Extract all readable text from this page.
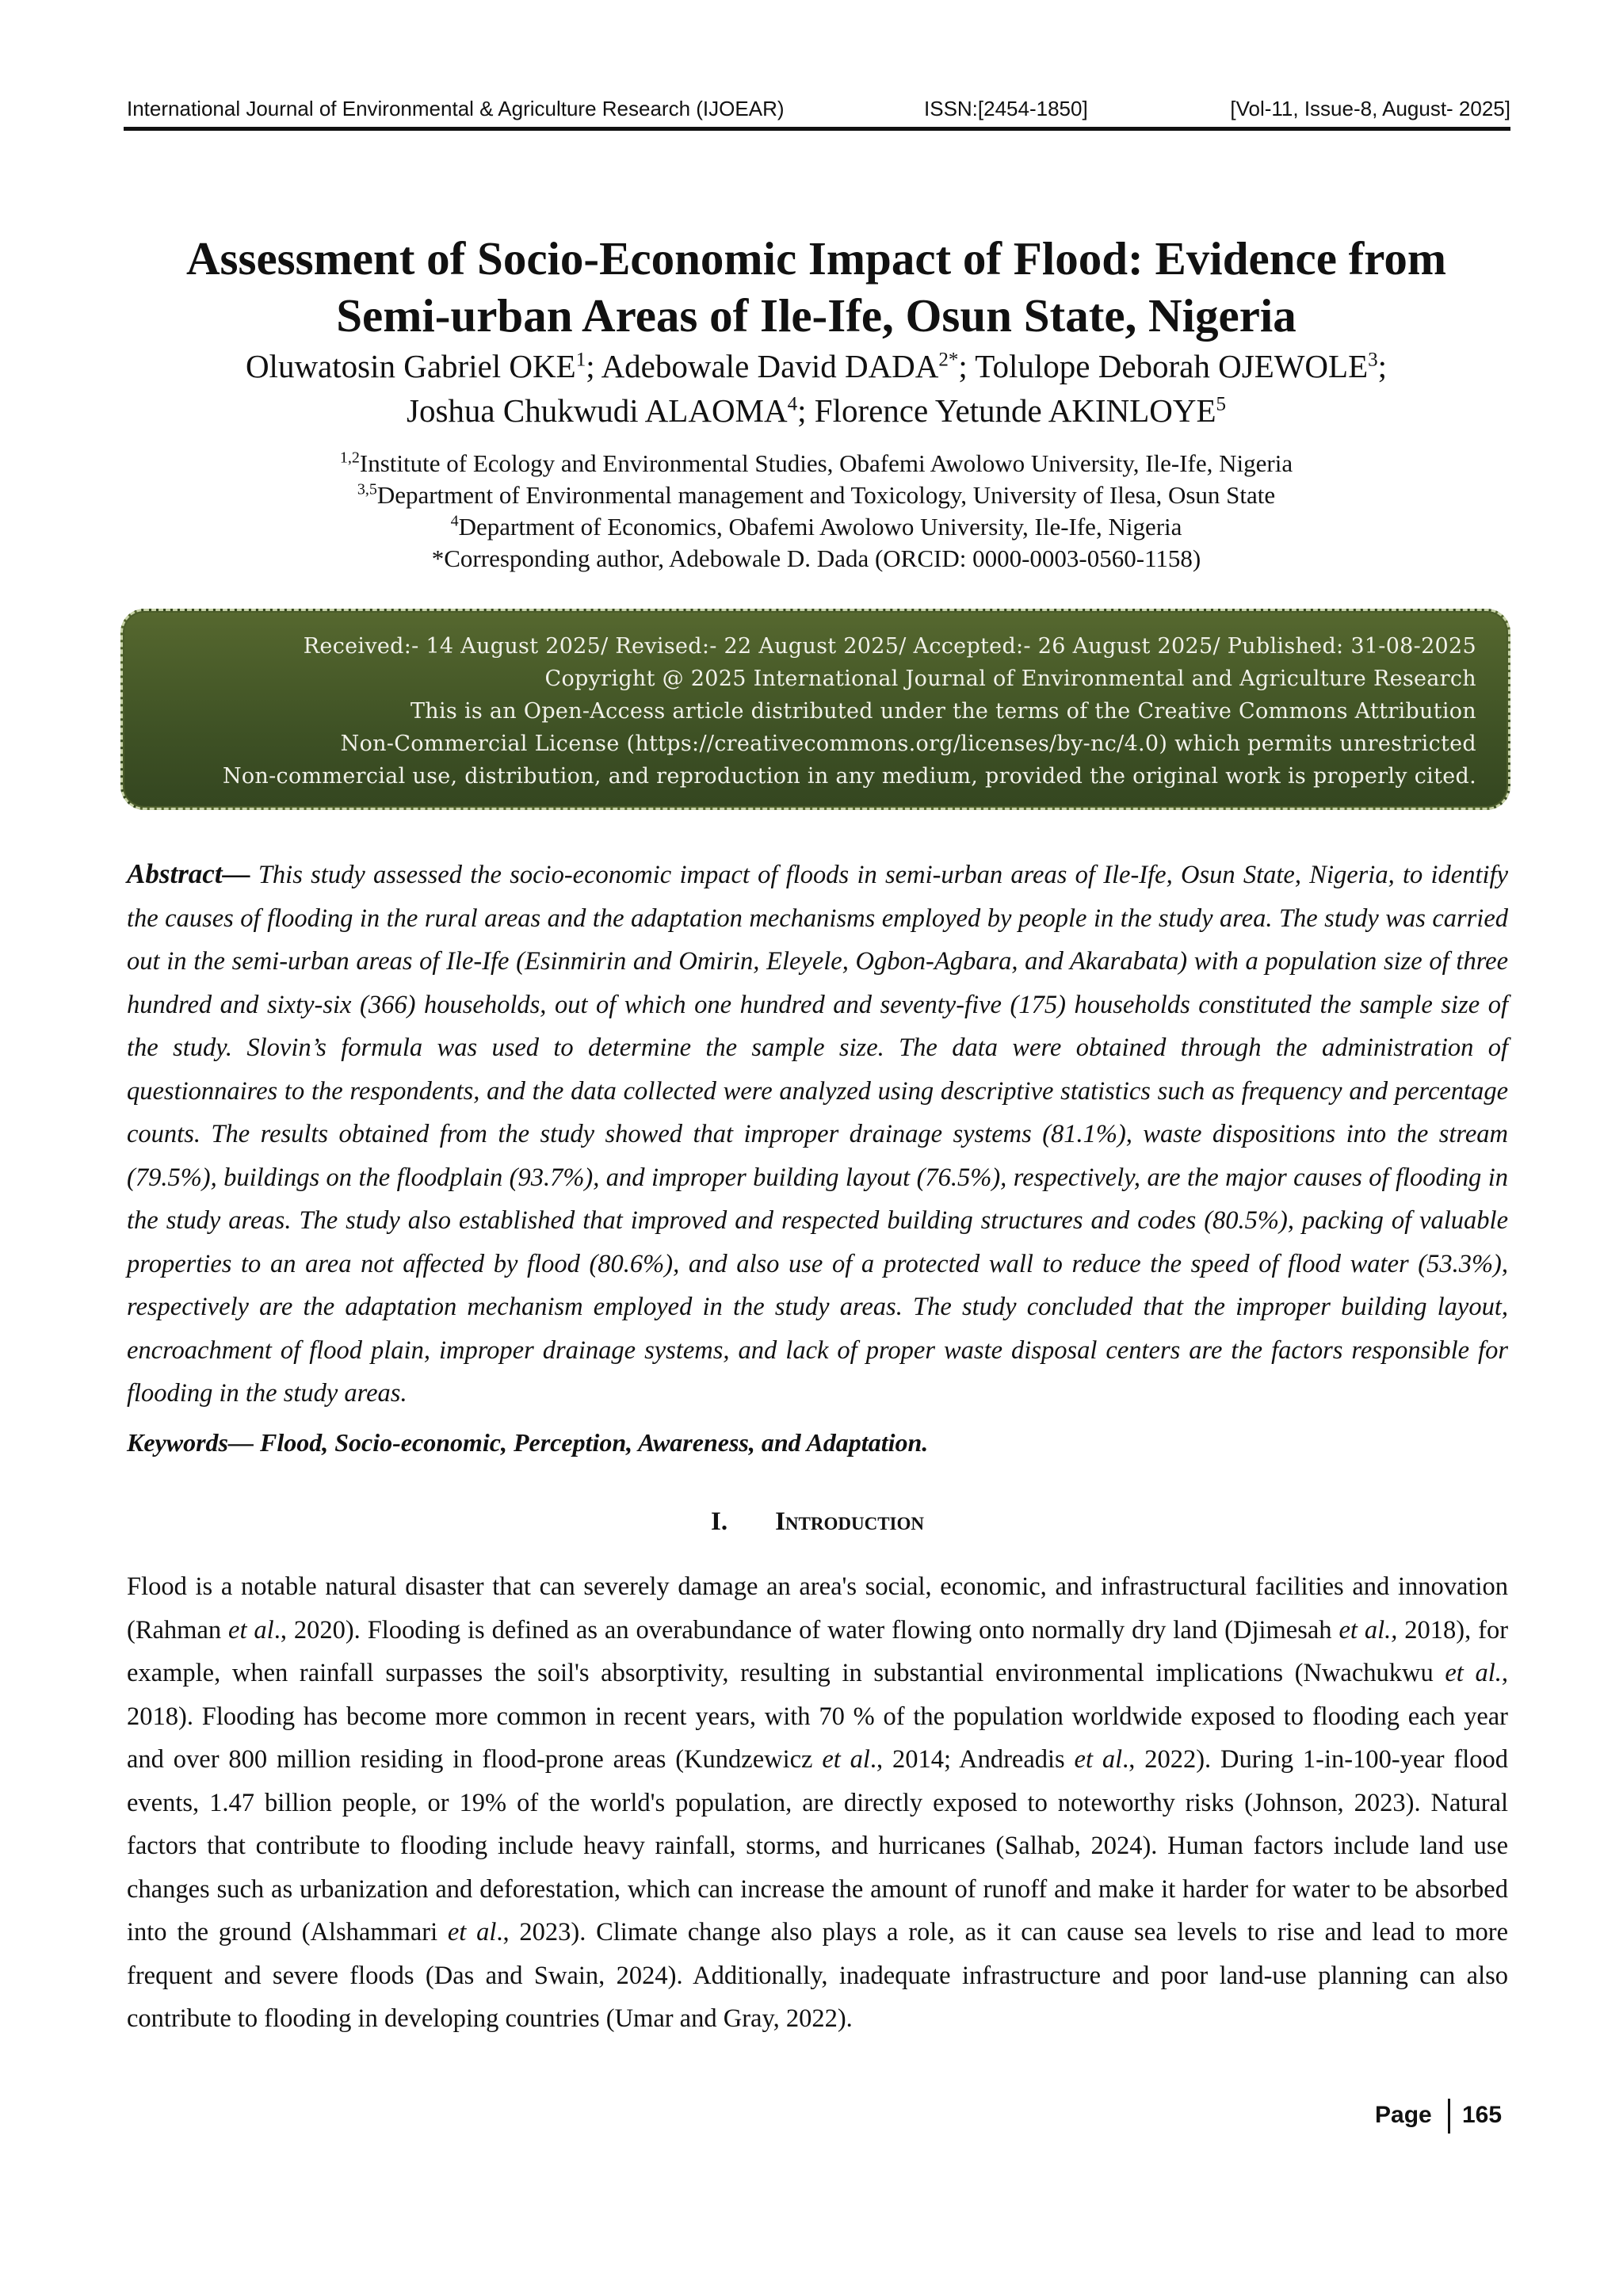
International Journal of Environmental & Agriculture Research (IJOEAR)	ISSN:[2454-1850]	[Vol-11, Issue-8, August- 2025]
Assessment of Socio-Economic Impact of Flood: Evidence from
Semi-urban Areas of Ile-Ife, Osun State, Nigeria
Oluwatosin Gabriel OKE$^1$; Adebowale David $DADA^{2*}$; Tolulope Deborah OJEWOLE$^3$;
Joshua Chukwudi ALAOMA$^4$; Florence Yetunde AKINLOYE$^5$
$^{1,2}$Institute of Ecology and Environmental Studies, Obafemi Awolowo University, Ile-Ife, Nigeria
$^{3,5}$Department of Environmental management and Toxicology, University of Ilesa, Osun State
$^4$Department of Economics, Obafemi Awolowo University, Ile-Ife, Nigeria
*Corresponding author, Adebowale D. Dada (ORCID: 0000-0003-0560-1158)
Received:- 14 August 2025/ Revised:- 22 August 2025/ Accepted:- 26 August 2025/ Published: 31-08-2025
Copyright @ 2025 International Journal of Environmental and Agriculture Research
This is an Open-Access article distributed under the terms of the Creative Commons Attribution
Non-Commercial License (https://creativecommons.org/licenses/by-nc/4.0) which permits unrestricted
Non-commercial use, distribution, and reproduction in any medium, provided the original work is properly cited.
Abstract— This study assessed the socio-economic impact of floods in semi-urban areas of Ile-Ife, Osun State, Nigeria, to identify the causes of flooding in the rural areas and the adaptation mechanisms employed by people in the study area. The study was carried out in the semi-urban areas of Ile-Ife (Esinmirin and Omirin, Eleyele, Ogbon-Agbara, and Akarabata) with a population size of three hundred and sixty-six (366) households, out of which one hundred and seventy-five (175) households constituted the sample size of the study. Slovin’s formula was used to determine the sample size. The data were obtained through the administration of questionnaires to the respondents, and the data collected were analyzed using descriptive statistics such as frequency and percentage counts. The results obtained from the study showed that improper drainage systems (81.1%), waste dispositions into the stream (79.5%), buildings on the floodplain (93.7%), and improper building layout (76.5%), respectively, are the major causes of flooding in the study areas. The study also established that improved and respected building structures and codes (80.5%), packing of valuable properties to an area not affected by flood (80.6%), and also use of a protected wall to reduce the speed of flood water (53.3%), respectively are the adaptation mechanism employed in the study areas. The study concluded that the improper building layout, encroachment of flood plain, improper drainage systems, and lack of proper waste disposal centers are the factors responsible for flooding in the study areas.
Keywords— Flood, Socio-economic, Perception, Awareness, and Adaptation.
I. Introduction
Flood is a notable natural disaster that can severely damage an area's social, economic, and infrastructural facilities and innovation (Rahman et al., 2020). Flooding is defined as an overabundance of water flowing onto normally dry land (Djimesah et al., 2018), for example, when rainfall surpasses the soil's absorptivity, resulting in substantial environmental implications (Nwachukwu et al., 2018). Flooding has become more common in recent years, with 70 % of the population worldwide exposed to flooding each year and over 800 million residing in flood-prone areas (Kundzewicz et al., 2014; Andreadis et al., 2022). During 1-in-100-year flood events, 1.47 billion people, or 19% of the world's population, are directly exposed to noteworthy risks (Johnson, 2023). Natural factors that contribute to flooding include heavy rainfall, storms, and hurricanes (Salhab, 2024). Human factors include land use changes such as urbanization and deforestation, which can increase the amount of runoff and make it harder for water to be absorbed into the ground (Alshammari et al., 2023). Climate change also plays a role, as it can cause sea levels to rise and lead to more frequent and severe floods (Das and Swain, 2024). Additionally, inadequate infrastructure and poor land-use planning can also contribute to flooding in developing countries (Umar and Gray, 2022).
Page 165
